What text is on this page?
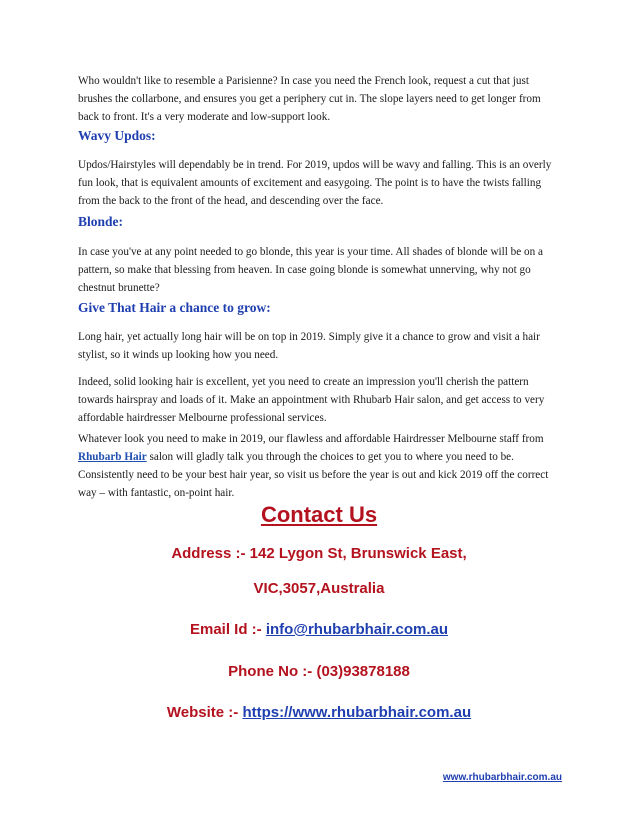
Who wouldn't like to resemble a Parisienne? In case you need the French look, request a cut that just brushes the collarbone, and ensures you get a periphery cut in. The slope layers need to get longer from back to front. It's a very moderate and low-support look.

Wavy Updos:

Updos/Hairstyles will dependably be in trend. For 2019, updos will be wavy and falling. This is an overly fun look, that is equivalent amounts of excitement and easygoing. The point is to have the twists falling from the back to the front of the head, and descending over the face.

Blonde:

In case you've at any point needed to go blonde, this year is your time. All shades of blonde will be on a pattern, so make that blessing from heaven. In case going blonde is somewhat unnerving, why not go chestnut brunette?

Give That Hair a chance to grow:

Long hair, yet actually long hair will be on top in 2019. Simply give it a chance to grow and visit a hair stylist, so it winds up looking how you need.

Indeed, solid looking hair is excellent, yet you need to create an impression you'll cherish the pattern towards hairspray and loads of it. Make an appointment with Rhubarb Hair salon, and get access to very affordable hairdresser Melbourne professional services.

Whatever look you need to make in 2019, our flawless and affordable Hairdresser Melbourne staff from Rhubarb Hair salon will gladly talk you through the choices to get you to where you need to be. Consistently need to be your best hair year, so visit us before the year is out and kick 2019 off the correct way – with fantastic, on-point hair.

Contact Us
Address :- 142 Lygon St, Brunswick East,
VIC,3057,Australia
Email Id :- info@rhubarbhair.com.au
Phone No :- (03)93878188
Website :- https://www.rhubarbhair.com.au
www.rhubarbhair.com.au
